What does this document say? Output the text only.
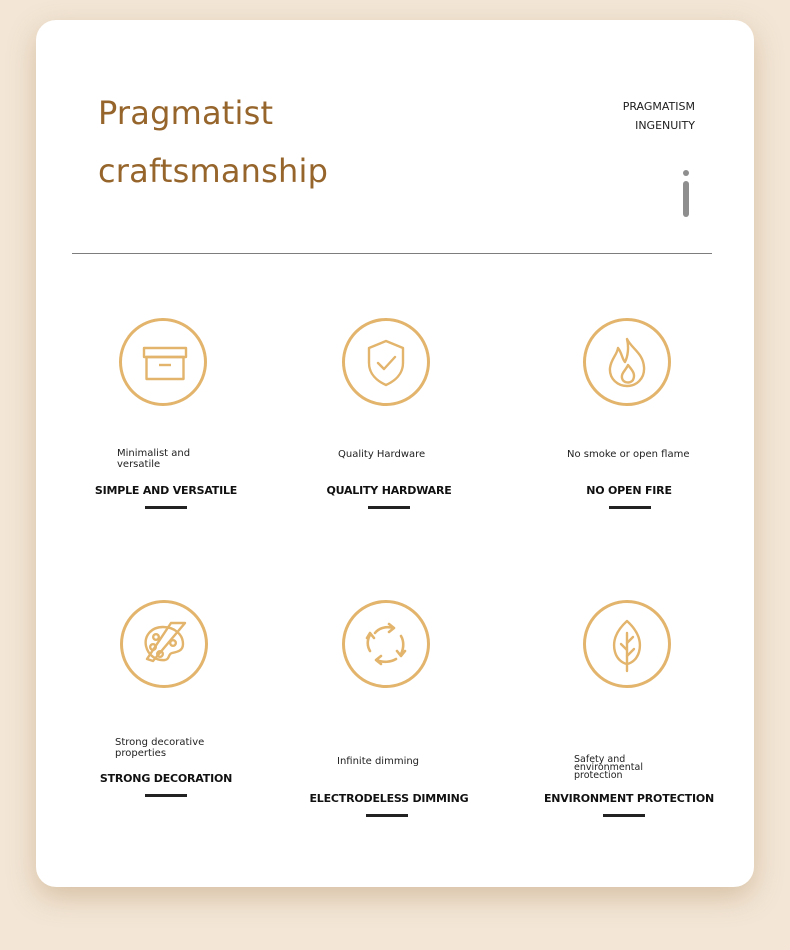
Pragmatist
craftsmanship
PRAGMATISM
INGENUITY
Minimalist and
versatile
SIMPLE AND VERSATILE
Quality Hardware
QUALITY HARDWARE
No smoke or open flame
NO OPEN FIRE
Strong decorative
properties
STRONG DECORATION
Infinite dimming
ELECTRODELESS DIMMING
Safety and
environmental
protection
ENVIRONMENT PROTECTION
